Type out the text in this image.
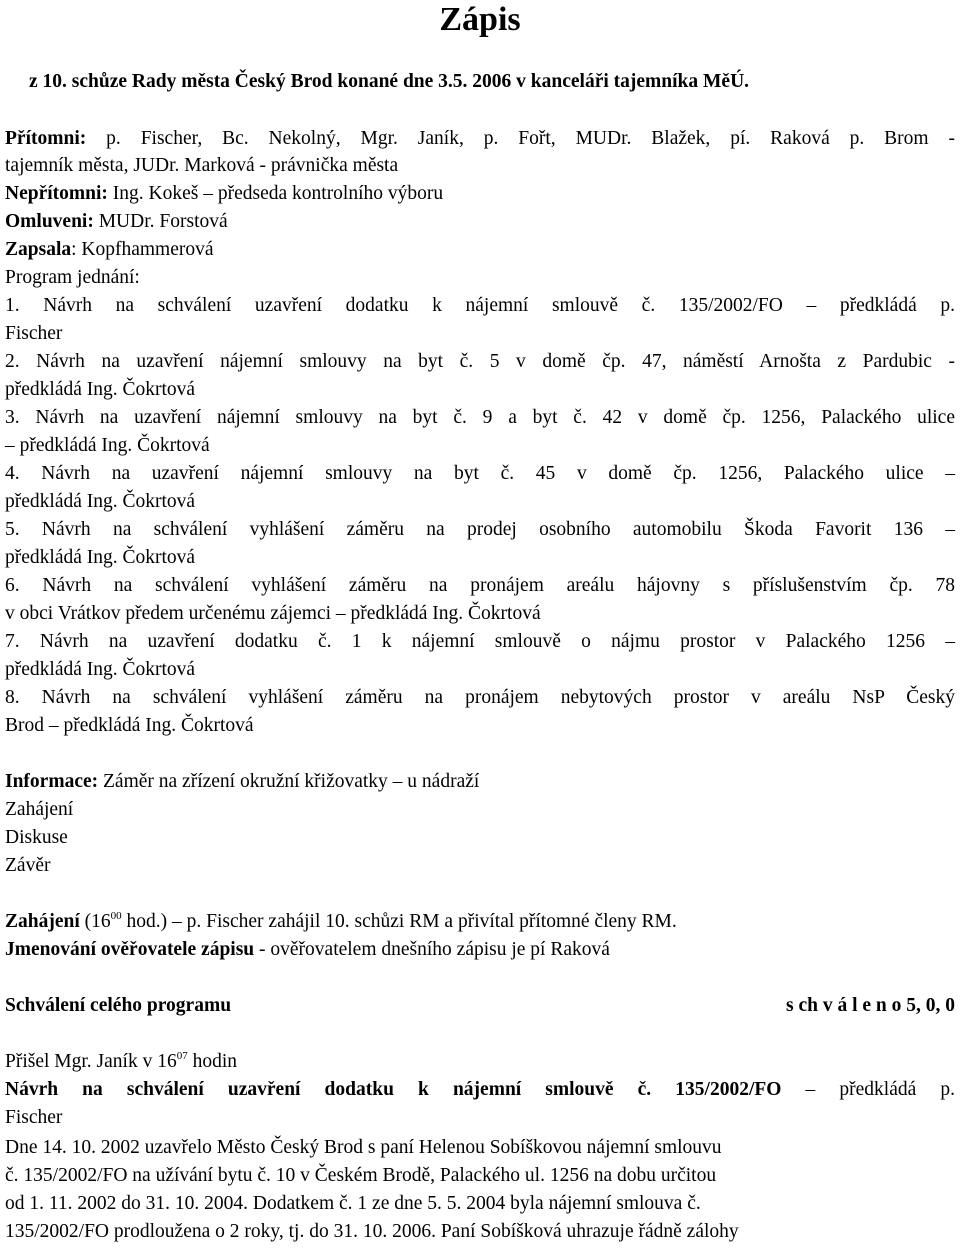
Zápis
z 10. schůze Rady města Český Brod konané dne 3.5. 2006 v kanceláři tajemníka MěÚ.
Přítomni: p. Fischer, Bc. Nekolný, Mgr. Janík, p. Fořt, MUDr. Blažek, pí. Raková p. Brom -
tajemník města, JUDr. Marková - právnička města
Nepřítomni: Ing. Kokeš – předseda kontrolního výboru
Omluveni: MUDr. Forstová
Zapsala: Kopfhammerová
Program jednání:
1. Návrh na schválení uzavření dodatku k nájemní smlouvě č. 135/2002/FO – předkládá p.
Fischer
2. Návrh na uzavření nájemní smlouvy na byt č. 5 v domě čp. 47, náměstí Arnošta z Pardubic -
předkládá Ing. Čokrtová
3. Návrh na uzavření nájemní smlouvy na byt č. 9 a byt č. 42 v domě čp. 1256, Palackého ulice
– předkládá Ing. Čokrtová
4. Návrh na uzavření nájemní smlouvy na byt č. 45 v domě čp. 1256, Palackého ulice –
předkládá Ing. Čokrtová
5. Návrh na schválení vyhlášení záměru na prodej osobního automobilu Škoda Favorit 136 –
předkládá Ing. Čokrtová
6. Návrh na schválení vyhlášení záměru na pronájem areálu hájovny s příslušenstvím čp. 78
v obci Vrátkov předem určenému zájemci – předkládá Ing. Čokrtová
7. Návrh na uzavření dodatku č. 1 k nájemní smlouvě o nájmu prostor v Palackého 1256 –
předkládá Ing. Čokrtová
8. Návrh na schválení vyhlášení záměru na pronájem nebytových prostor v areálu NsP Český
Brod – předkládá Ing. Čokrtová
Informace: Záměr na zřízení okružní křižovatky – u nádraží
Zahájení
Diskuse
Závěr
Zahájení ($16^{00}$ hod.) – p. Fischer zahájil 10. schůzi RM a přivítal přítomné členy RM.
Jmenování ověřovatele zápisu - ověřovatelem dnešního zápisu je pí Raková
Schválení celého programu	s ch v á l e n o 5, 0, 0
Přišel Mgr. Janík v $16^{07}$ hodin
Návrh na schválení uzavření dodatku k nájemní smlouvě č. 135/2002/FO – předkládá p.
Fischer
Dne 14. 10. 2002 uzavřelo Město Český Brod s paní Helenou Sobíškovou nájemní smlouvu
č. 135/2002/FO na užívání bytu č. 10 v Českém Brodě, Palackého ul. 1256 na dobu určitou
od 1. 11. 2002 do 31. 10. 2004. Dodatkem č. 1 ze dne 5. 5. 2004 byla nájemní smlouva č.
135/2002/FO prodloužena o 2 roky, tj. do 31. 10. 2006. Paní Sobíšková uhrazuje řádně zálohy
